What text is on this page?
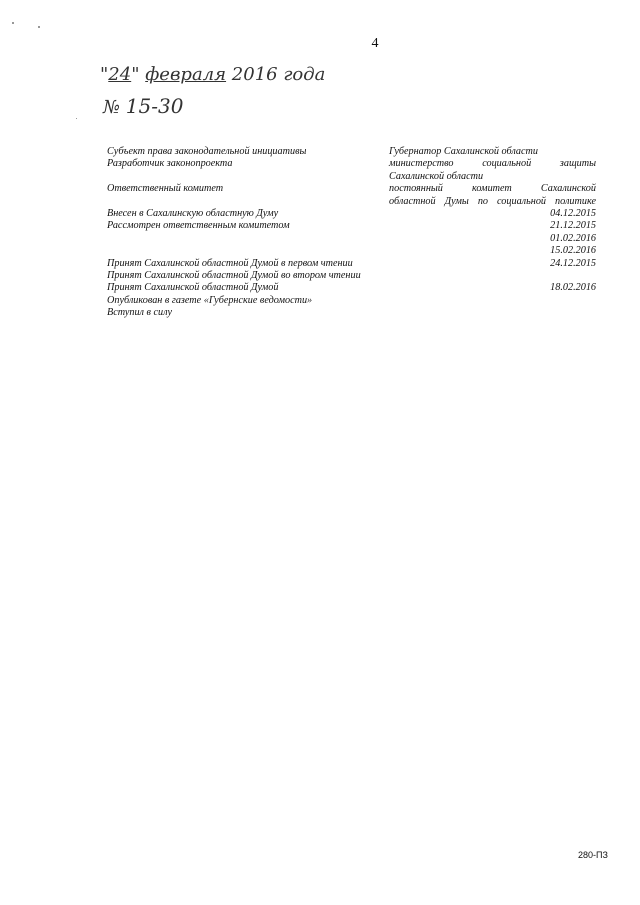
4
"24" февраля 2016 года
№ 15-30
Субъект права законодательной инициативы	Губернатор Сахалинской области
Разработчик законопроекта	министерство социальной защиты
Сахалинской области
Ответственный комитет	постоянный комитет Сахалинской
областной Думы по социальной политике
Внесен в Сахалинскую областную Думу	04.12.2015
Рассмотрен ответственным комитетом	21.12.2015
01.02.2016
15.02.2016
Принят Сахалинской областной Думой в первом чтении	24.12.2015
Принят Сахалинской областной Думой во втором чтении
Принят Сахалинской областной Думой	18.02.2016
Опубликован в газете «Губернские ведомости»
Вступил в силу
280-ПЗ
